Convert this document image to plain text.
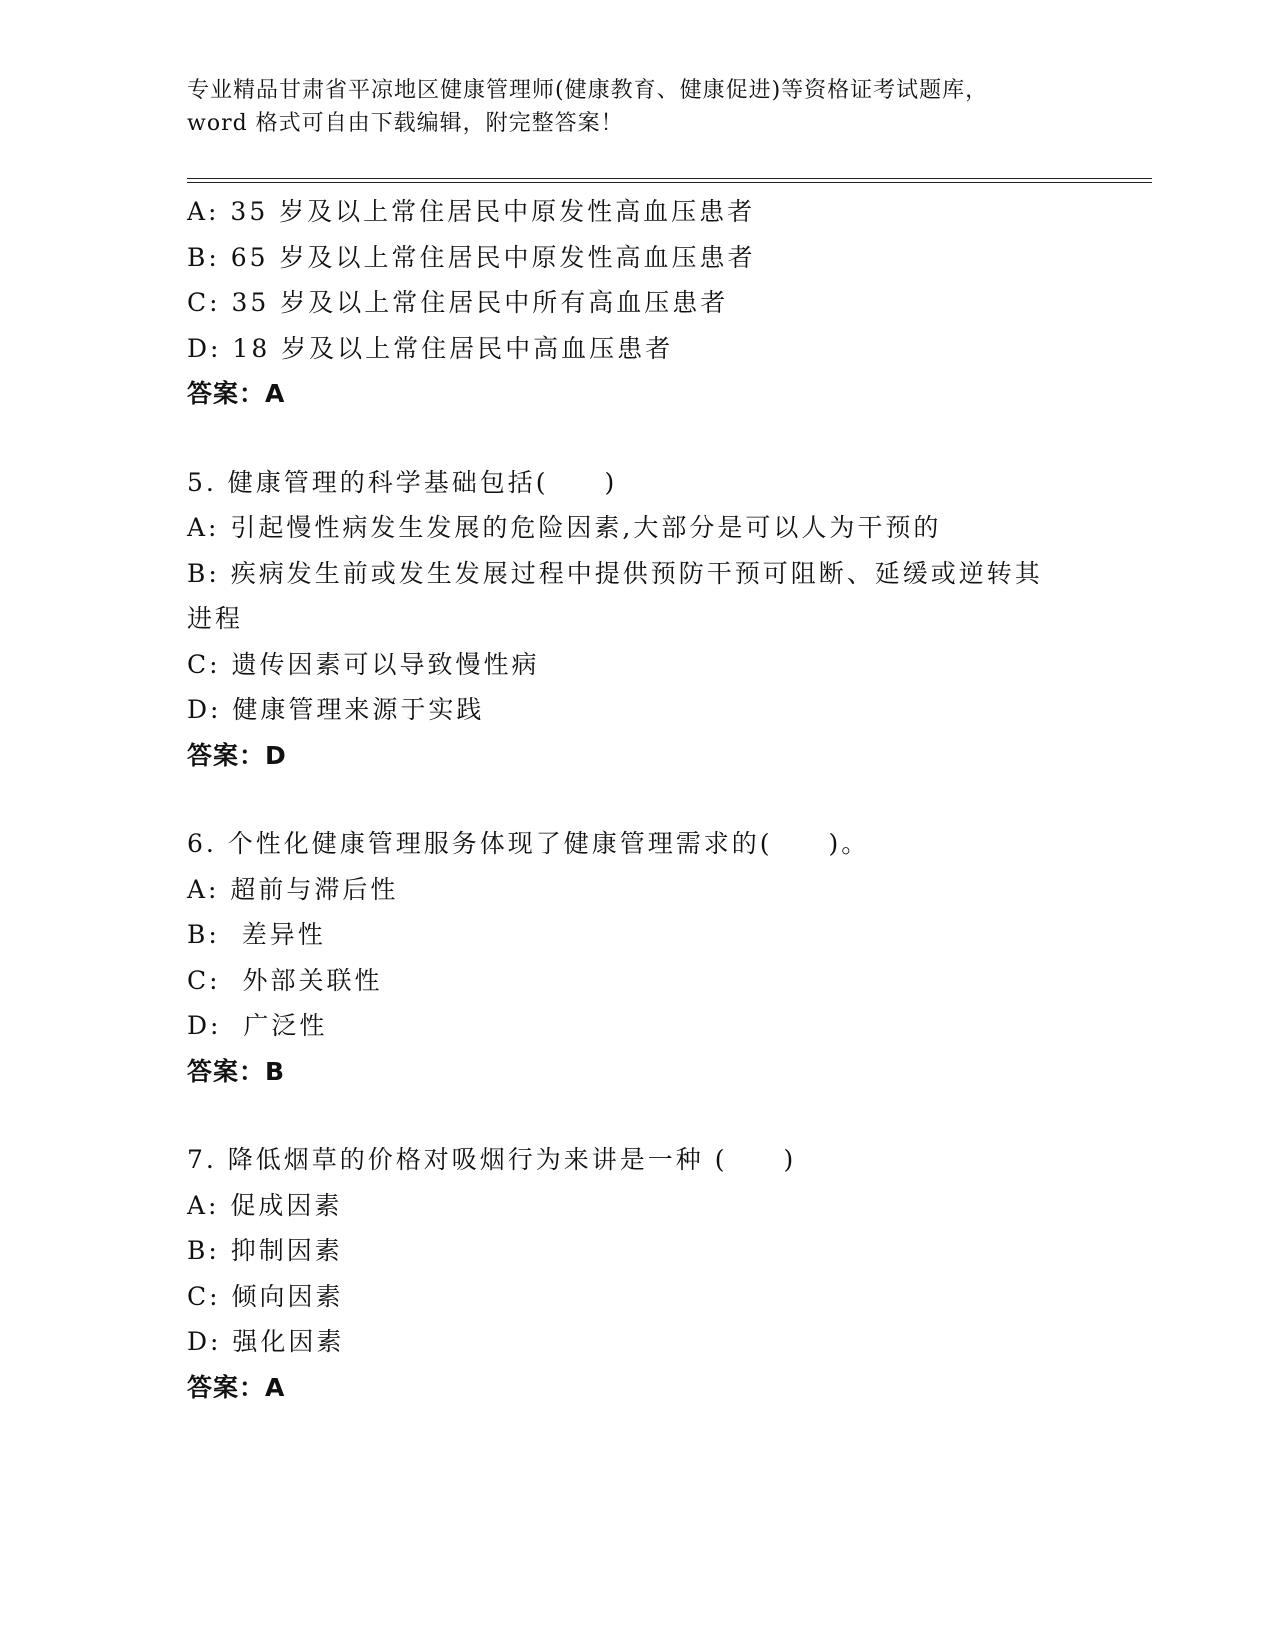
专业精品甘肃省平凉地区健康管理师(健康教育、健康促进)等资格证考试题库，
word 格式可自由下载编辑，附完整答案！
A: 35 岁及以上常住居民中原发性高血压患者
B: 65 岁及以上常住居民中原发性高血压患者
C: 35 岁及以上常住居民中所有高血压患者
D: 18 岁及以上常住居民中高血压患者
答案：A
5. 健康管理的科学基础包括(　　)
A: 引起慢性病发生发展的危险因素,大部分是可以人为干预的
B: 疾病发生前或发生发展过程中提供预防干预可阻断、延缓或逆转其
进程
C: 遗传因素可以导致慢性病
D: 健康管理来源于实践
答案：D
6. 个性化健康管理服务体现了健康管理需求的(　　)。
A: 超前与滞后性
B:  差异性
C:  外部关联性
D:  广泛性
答案：B
7. 降低烟草的价格对吸烟行为来讲是一种 (　　)
A: 促成因素
B: 抑制因素
C: 倾向因素
D: 强化因素
答案：A
